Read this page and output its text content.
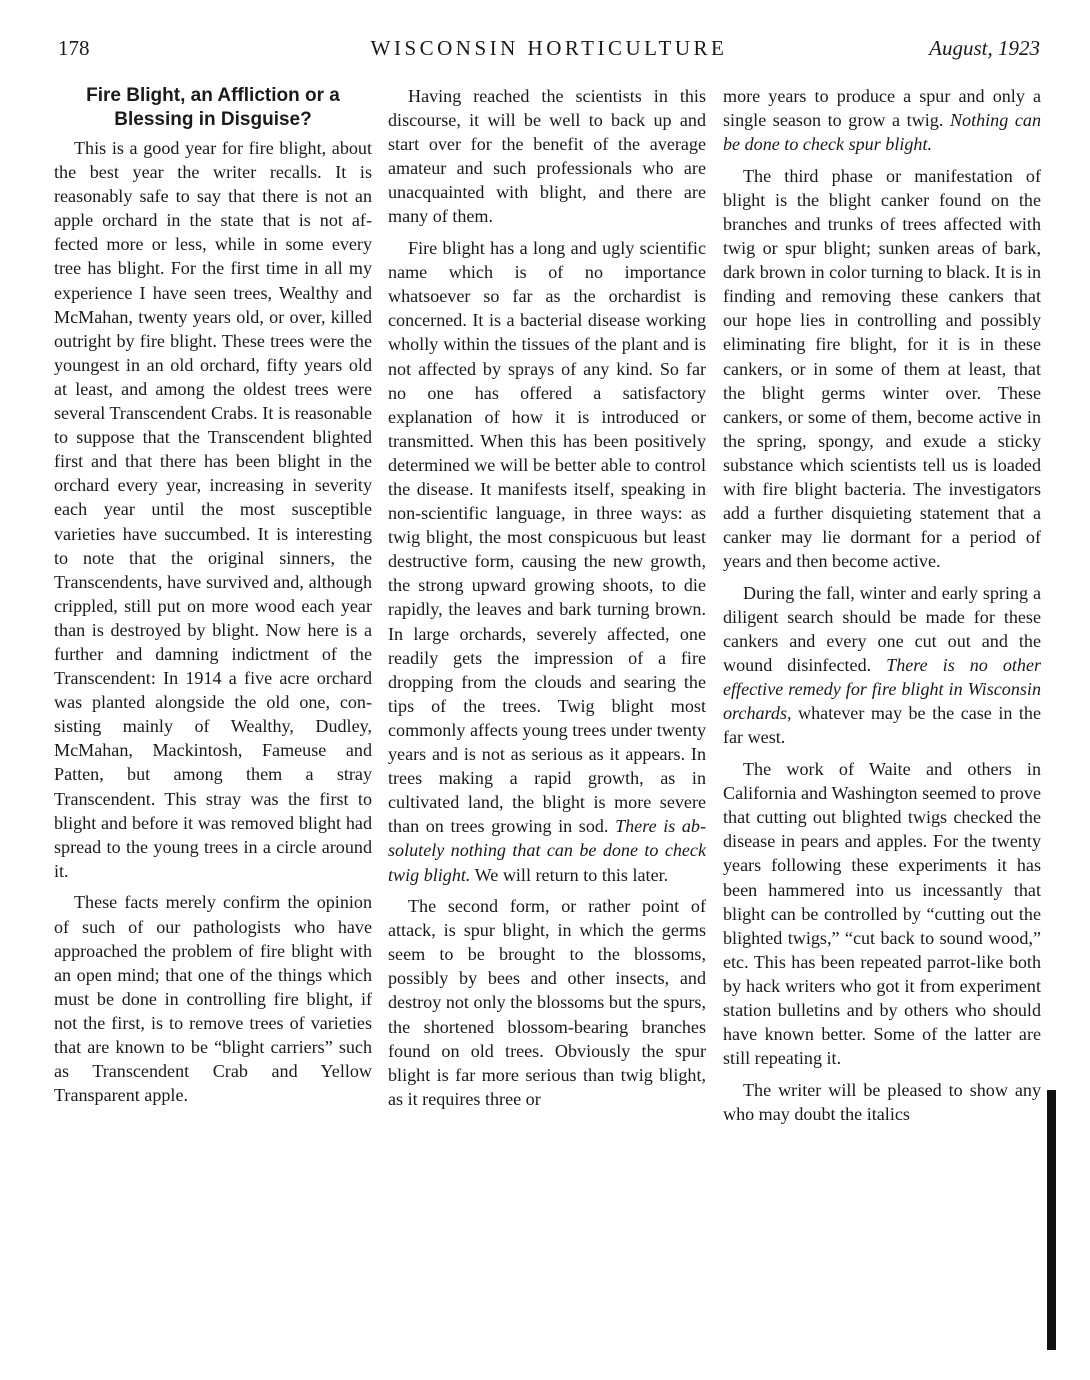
178	WISCONSIN HORTICULTURE	August, 1923
Fire Blight, an Affliction or a Blessing in Disguise?

This is a good year for fire blight, about the best year the writer recalls. It is reasonably safe to say that there is not an apple orchard in the state that is not affected more or less, while in some every tree has blight. For the first time in all my experience I have seen trees, Wealthy and McMahan, twenty years old, or over, killed outright by fire blight. These trees were the youngest in an old orchard, fifty years old at least, and among the oldest trees were several Transcendent Crabs. It is reasonable to suppose that the Transcendent blighted first and that there has been blight in the orchard every year, increasing in severity each year until the most susceptible varieties have succumbed. It is interesting to note that the original sinners, the Transcendents, have survived and, although crippled, still put on more wood each year than is destroyed by blight. Now here is a further and damning indictment of the Transcendent: In 1914 a five acre orchard was planted alongside the old one, consisting mainly of Wealthy, Dudley, McMahan, Mackintosh, Fameuse and Patten, but among them a stray Transcendent. This stray was the first to blight and before it was removed blight had spread to the young trees in a circle around it.

These facts merely confirm the opinion of such of our pathologists who have approached the problem of fire blight with an open mind; that one of the things which must be done in controlling fire blight, if not the first, is to remove trees of varieties that are known to be “blight carriers” such as Transcendent Crab and Yellow Transparent apple.

Having reached the scientists in this discourse, it will be well to back up and start over for the benefit of the average amateur and such professionals who are unacquainted with blight, and there are many of them.

Fire blight has a long and ugly scientific name which is of no importance whatsoever so far as the orchardist is concerned. It is a bacterial disease working wholly within the tissues of the plant and is not affected by sprays of any kind. So far no one has offered a satisfactory explanation of how it is introduced or transmitted. When this has been positively determined we will be better able to control the disease. It manifests itself, speaking in non-scientific language, in three ways: as twig blight, the most conspicuous but least destructive form, causing the new growth, the strong upward growing shoots, to die rapidly, the leaves and bark turning brown. In large orchards, severely affected, one readily gets the impression of a fire dropping from the clouds and searing the tips of the trees. Twig blight most commonly affects young trees under twenty years and is not as serious as it appears. In trees making a rapid growth, as in cultivated land, the blight is more severe than on trees growing in sod. There is absolutely nothing that can be done to check twig blight. We will return to this later.

The second form, or rather point of attack, is spur blight, in which the germs seem to be brought to the blossoms, possibly by bees and other insects, and destroy not only the blossoms but the spurs, the shortened blossom-bearing branches found on old trees. Obviously the spur blight is far more serious than twig blight, as it requires three or

more years to produce a spur and only a single season to grow a twig. Nothing can be done to check spur blight.

The third phase or manifestation of blight is the blight canker found on the branches and trunks of trees affected with twig or spur blight; sunken areas of bark, dark brown in color turning to black. It is in finding and removing these cankers that our hope lies in controlling and possibly eliminating fire blight, for it is in these cankers, or in some of them at least, that the blight germs winter over. These cankers, or some of them, become active in the spring, spongy, and exude a sticky substance which scientists tell us is loaded with fire blight bacteria. The investigators add a further disquieting statement that a canker may lie dormant for a period of years and then become active.

During the fall, winter and early spring a diligent search should be made for these cankers and every one cut out and the wound disinfected. There is no other effective remedy for fire blight in Wisconsin orchards, whatever may be the case in the far west.

The work of Waite and others in California and Washington seemed to prove that cutting out blighted twigs checked the disease in pears and apples. For the twenty years following these experiments it has been hammered into us incessantly that blight can be controlled by “cutting out the blighted twigs,” “cut back to sound wood,” etc. This has been repeated parrot-like both by hack writers who got it from experiment station bulletins and by others who should have known better. Some of the latter are still repeating it.

The writer will be pleased to show any who may doubt the italics
